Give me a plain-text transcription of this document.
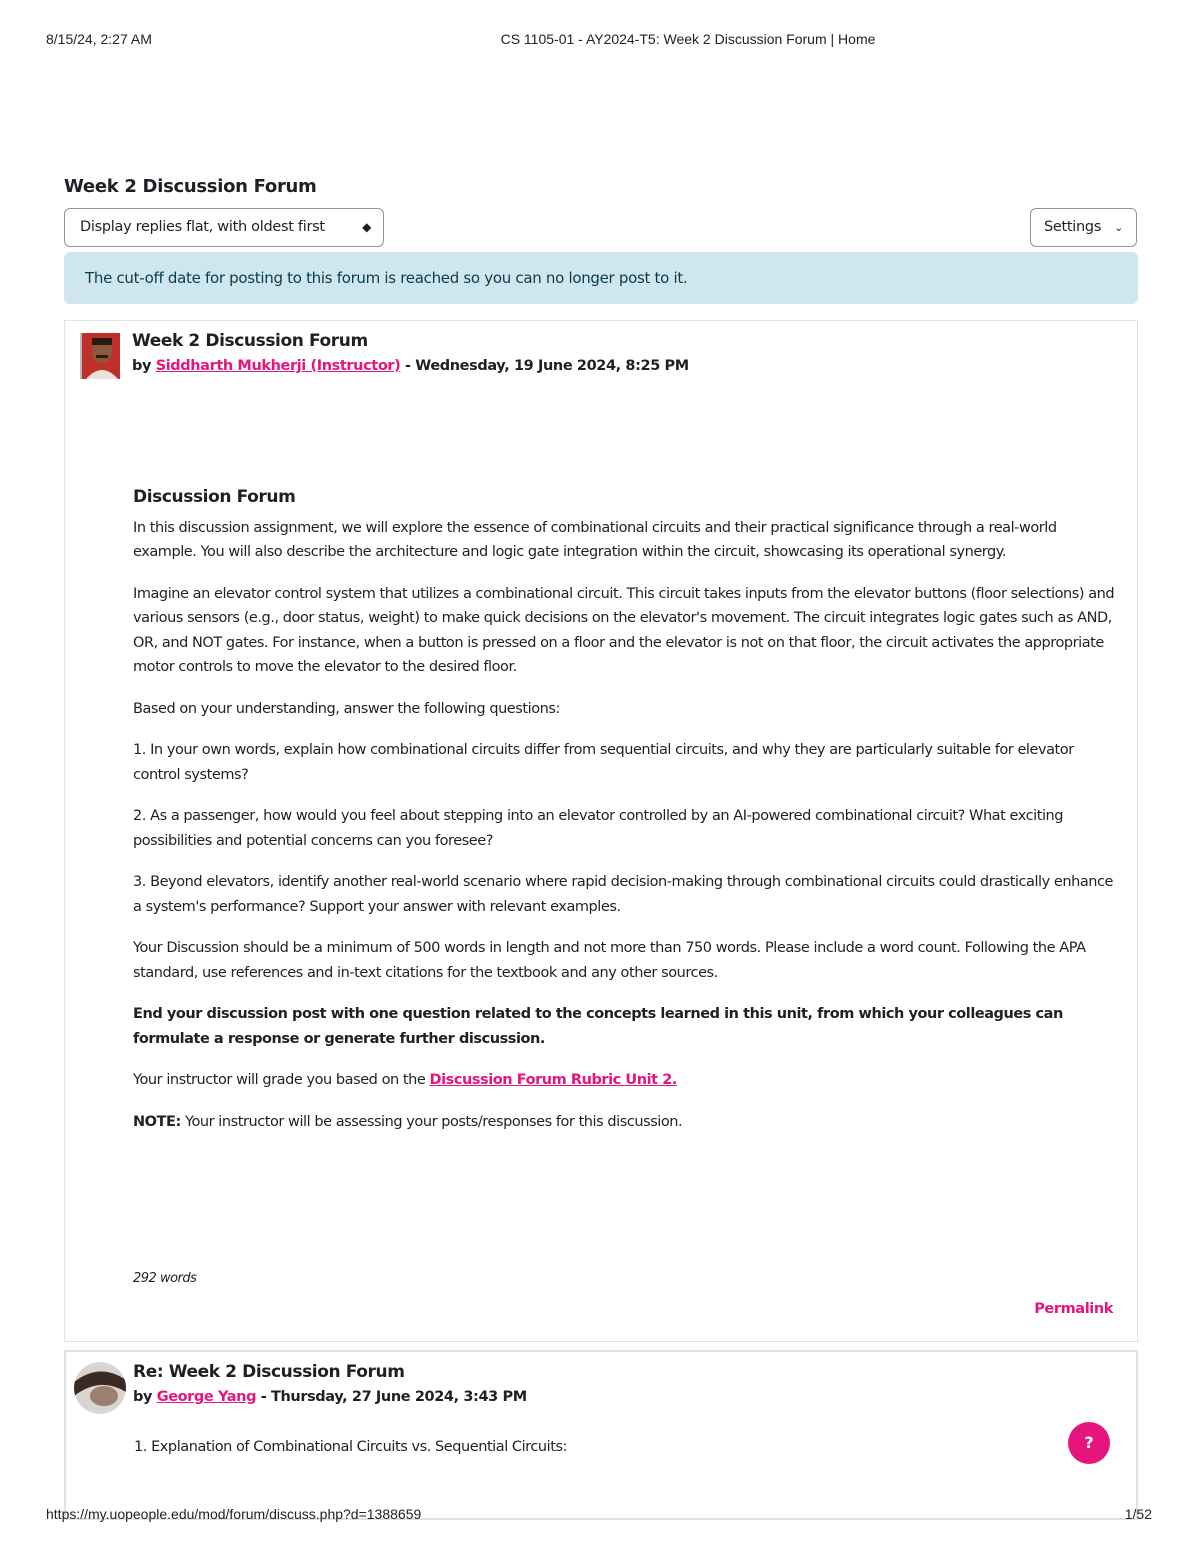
8/15/24, 2:27 AM	CS 1105-01 - AY2024-T5: Week 2 Discussion Forum | Home
Week 2 Discussion Forum
Display replies flat, with oldest first	◆	Settings ⌄
The cut-off date for posting to this forum is reached so you can no longer post to it.
Week 2 Discussion Forum
by Siddharth Mukherji (Instructor) - Wednesday, 19 June 2024, 8:25 PM
Discussion Forum

In this discussion assignment, we will explore the essence of combinational circuits and their practical significance through a real-world example. You will also describe the architecture and logic gate integration within the circuit, showcasing its operational synergy.

Imagine an elevator control system that utilizes a combinational circuit. This circuit takes inputs from the elevator buttons (floor selections) and various sensors (e.g., door status, weight) to make quick decisions on the elevator's movement. The circuit integrates logic gates such as AND, OR, and NOT gates. For instance, when a button is pressed on a floor and the elevator is not on that floor, the circuit activates the appropriate motor controls to move the elevator to the desired floor.

Based on your understanding, answer the following questions:

1. In your own words, explain how combinational circuits differ from sequential circuits, and why they are particularly suitable for elevator control systems?

2. As a passenger, how would you feel about stepping into an elevator controlled by an AI-powered combinational circuit? What exciting possibilities and potential concerns can you foresee?

3. Beyond elevators, identify another real-world scenario where rapid decision-making through combinational circuits could drastically enhance a system's performance? Support your answer with relevant examples.

Your Discussion should be a minimum of 500 words in length and not more than 750 words. Please include a word count. Following the APA standard, use references and in-text citations for the textbook and any other sources.

End your discussion post with one question related to the concepts learned in this unit, from which your colleagues can formulate a response or generate further discussion.

Your instructor will grade you based on the Discussion Forum Rubric Unit 2.

NOTE: Your instructor will be assessing your posts/responses for this discussion.

292 words
Permalink
Re: Week 2 Discussion Forum
by George Yang - Thursday, 27 June 2024, 3:43 PM
1. Explanation of Combinational Circuits vs. Sequential Circuits:	?
https://my.uopeople.edu/mod/forum/discuss.php?d=1388659	1/52
